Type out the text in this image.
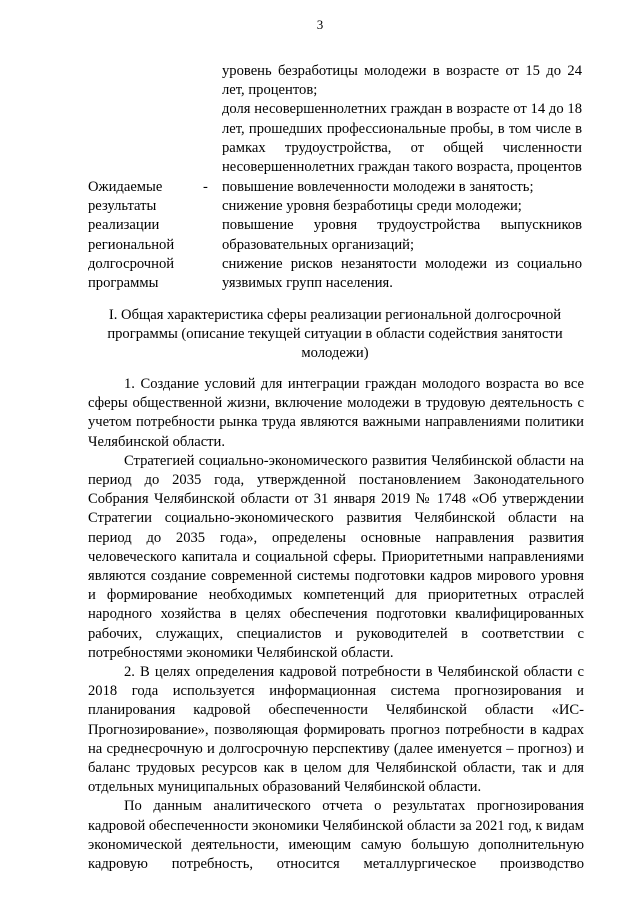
3

уровень безработицы молодежи в возрасте от 15 до 24 лет, процентов;

доля несовершеннолетних граждан в возрасте от 14 до 18 лет, прошедших профессиональные пробы, в том числе в рамках трудоустройства, от общей численности несовершеннолетних граждан такого возраста, процентов

Ожидаемые
результаты
реализации
региональной
долгосрочной
программы
- повышение вовлеченности молодежи в занятость;

снижение уровня безработицы среди молодежи;

повышение уровня трудоустройства выпускников образовательных организаций;

снижение рисков незанятости молодежи из социально уязвимых групп населения.

I. Общая характеристика сферы реализации региональной долгосрочной программы (описание текущей ситуации в области содействия занятости молодежи)

1. Создание условий для интеграции граждан молодого возраста во все сферы общественной жизни, включение молодежи в трудовую деятельность с учетом потребности рынка труда являются важными направлениями политики Челябинской области.

Стратегией социально-экономического развития Челябинской области на период до 2035 года, утвержденной постановлением Законодательного Собрания Челябинской области от 31 января 2019 № 1748 «Об утверждении Стратегии социально-экономического развития Челябинской области на период до 2035 года», определены основные направления развития человеческого капитала и социальной сферы. Приоритетными направлениями являются создание современной системы подготовки кадров мирового уровня и формирование необходимых компетенций для приоритетных отраслей народного хозяйства в целях обеспечения подготовки квалифицированных рабочих, служащих, специалистов и руководителей в соответствии с потребностями экономики Челябинской области.

2. В целях определения кадровой потребности в Челябинской области с 2018 года используется информационная система прогнозирования и планирования кадровой обеспеченности Челябинской области «ИС-Прогнозирование», позволяющая формировать прогноз потребности в кадрах на среднесрочную и долгосрочную перспективу (далее именуется – прогноз) и баланс трудовых ресурсов как в целом для Челябинской области, так и для отдельных муниципальных образований Челябинской области.

По данным аналитического отчета о результатах прогнозирования кадровой обеспеченности экономики Челябинской области за 2021 год, к видам экономической деятельности, имеющим самую большую дополнительную кадровую потребность, относится металлургическое производство
